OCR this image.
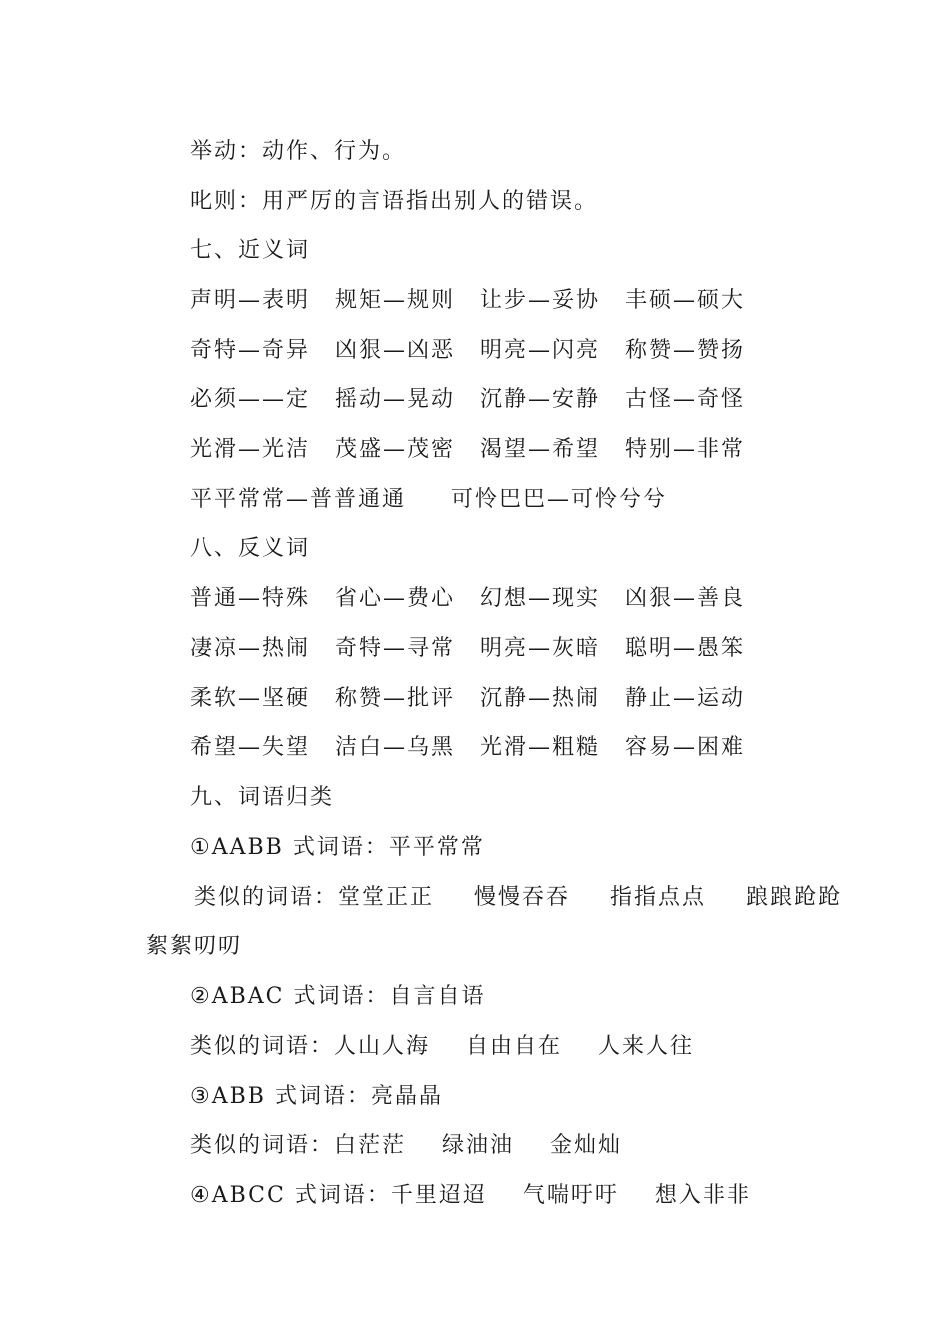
举动：动作、行为。
叱则：用严厉的言语指出别人的错误。
七、近义词
声明—表明	规矩—规则	让步—妥协	丰硕—硕大
奇特—奇异	凶狠—凶恶	明亮—闪亮	称赞—赞扬
必须——定	摇动—晃动	沉静—安静	古怪—奇怪
光滑—光洁	茂盛—茂密	渴望—希望	特别—非常
平平常常—普普通通 可怜巴巴—可怜兮兮
八、反义词
普通—特殊	省心—费心	幻想—现实	凶狠—善良
凄凉—热闹	奇特—寻常	明亮—灰暗	聪明—愚笨
柔软—坚硬	称赞—批评	沉静—热闹	静止—运动
希望—失望	洁白—乌黑	光滑—粗糙	容易—困难
九、词语归类
①AABB 式词语：平平常常
类似的词语：堂堂正正 慢慢吞吞 指指点点 踉踉跄跄
絮絮叨叨
②ABAC 式词语：自言自语
类似的词语：人山人海 自由自在 人来人往
③ABB 式词语：亮晶晶
类似的词语：白茫茫 绿油油 金灿灿
④ABCC 式词语：千里迢迢 气喘吁吁 想入非非
